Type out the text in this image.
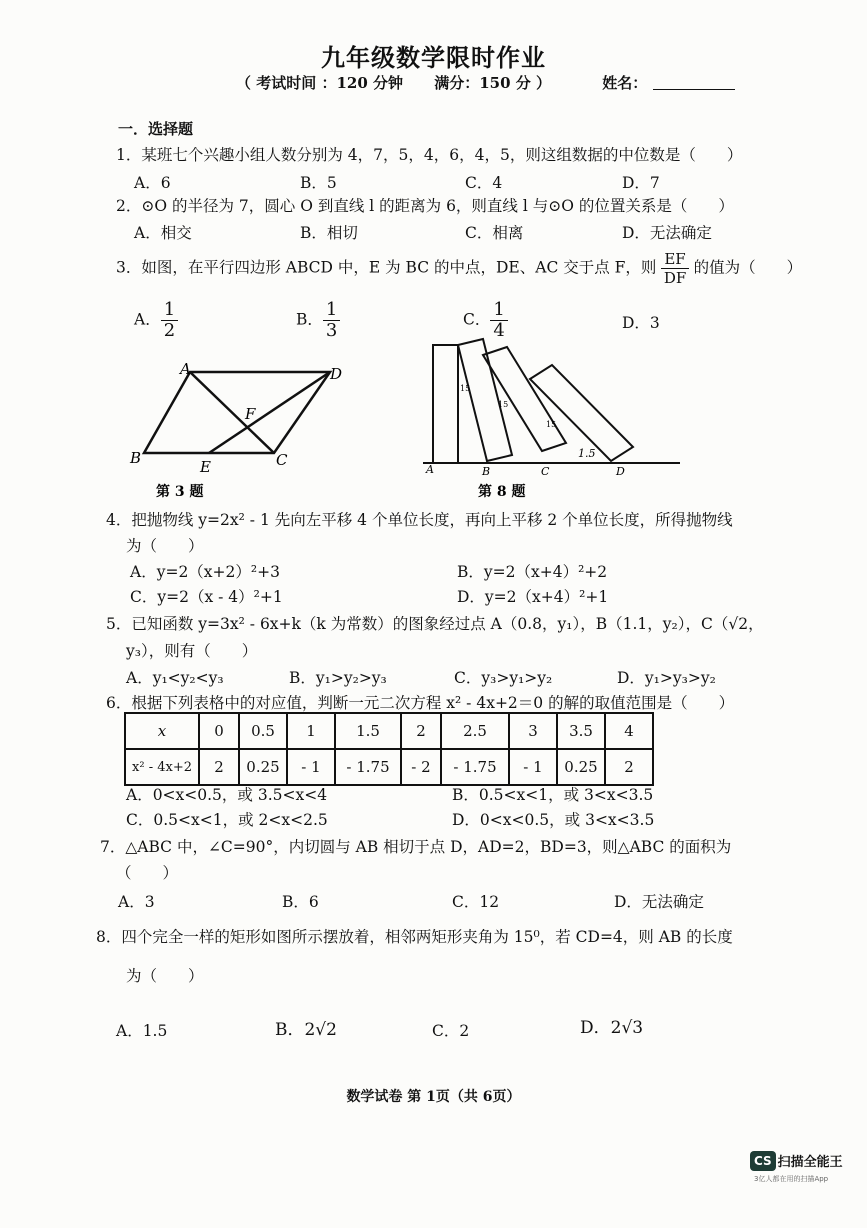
九年级数学限时作业
（ 考试时间 ：120 分钟 满分：150 分 ）	姓名：
一．选择题
1．某班七个兴趣小组人数分别为 4，7，5，4，6，4，5，则这组数据的中位数是（　　）
A．6	B．5	C．4	D．7
2．⊙O 的半径为 7，圆心 O 到直线 l 的距离为 6，则直线 l 与⊙O 的位置关系是（　　）
A．相交	B．相切	C．相离	D．无法确定
3．如图，在平行四边形 ABCD 中，E 为 BC 的中点，DE、AC 交于点 F，则 $\frac{EF}{DF}$ 的值为（　　）
A． $\frac{1}{2}$	B． $\frac{1}{3}$	C． $\frac{1}{4}$	D．3
A	D
B	C
E
F
第 3 题
A	B	C	D
15
15
15
1.5
第 8 题
4．把抛物线 y=2x² - 1 先向左平移 4 个单位长度，再向上平移 2 个单位长度，所得抛物线
为（　　）
A．y=2（x+2）²+3	B．y=2（x+4）²+2
C．y=2（x - 4）²+1	D．y=2（x+4）²+1
5．已知函数 y=3x² - 6x+k（k 为常数）的图象经过点 A（0.8，y₁），B（1.1，y₂），C（√2，
y₃），则有（　　）
A．y₁<y₂<y₃	B．y₁>y₂>y₃	C．y₃>y₁>y₂	D．y₁>y₃>y₂
6．根据下列表格中的对应值，判断一元二次方程 x² - 4x+2＝0 的解的取值范围是（　　）
x	0	0.5	1	1.5	2	2.5	3	3.5	4
x² - 4x+2	2	0.25	- 1	- 1.75	- 2	- 1.75	- 1	0.25	2
A．0<x<0.5，或 3.5<x<4	B．0.5<x<1，或 3<x<3.5
C．0.5<x<1，或 2<x<2.5	D．0<x<0.5，或 3<x<3.5
7．△ABC 中，∠C=90°，内切圆与 AB 相切于点 D，AD=2，BD=3，则△ABC 的面积为
（　　）
A．3	B．6	C．12	D．无法确定
8．四个完全一样的矩形如图所示摆放着，相邻两矩形夹角为 15⁰，若 CD=4，则 AB 的长度
为（　　）
A．1.5	B．2√2	C．2	D．2√3
数学试卷 第 1页（共 6页）
CS 扫描全能王
3亿人都在用的扫描App
